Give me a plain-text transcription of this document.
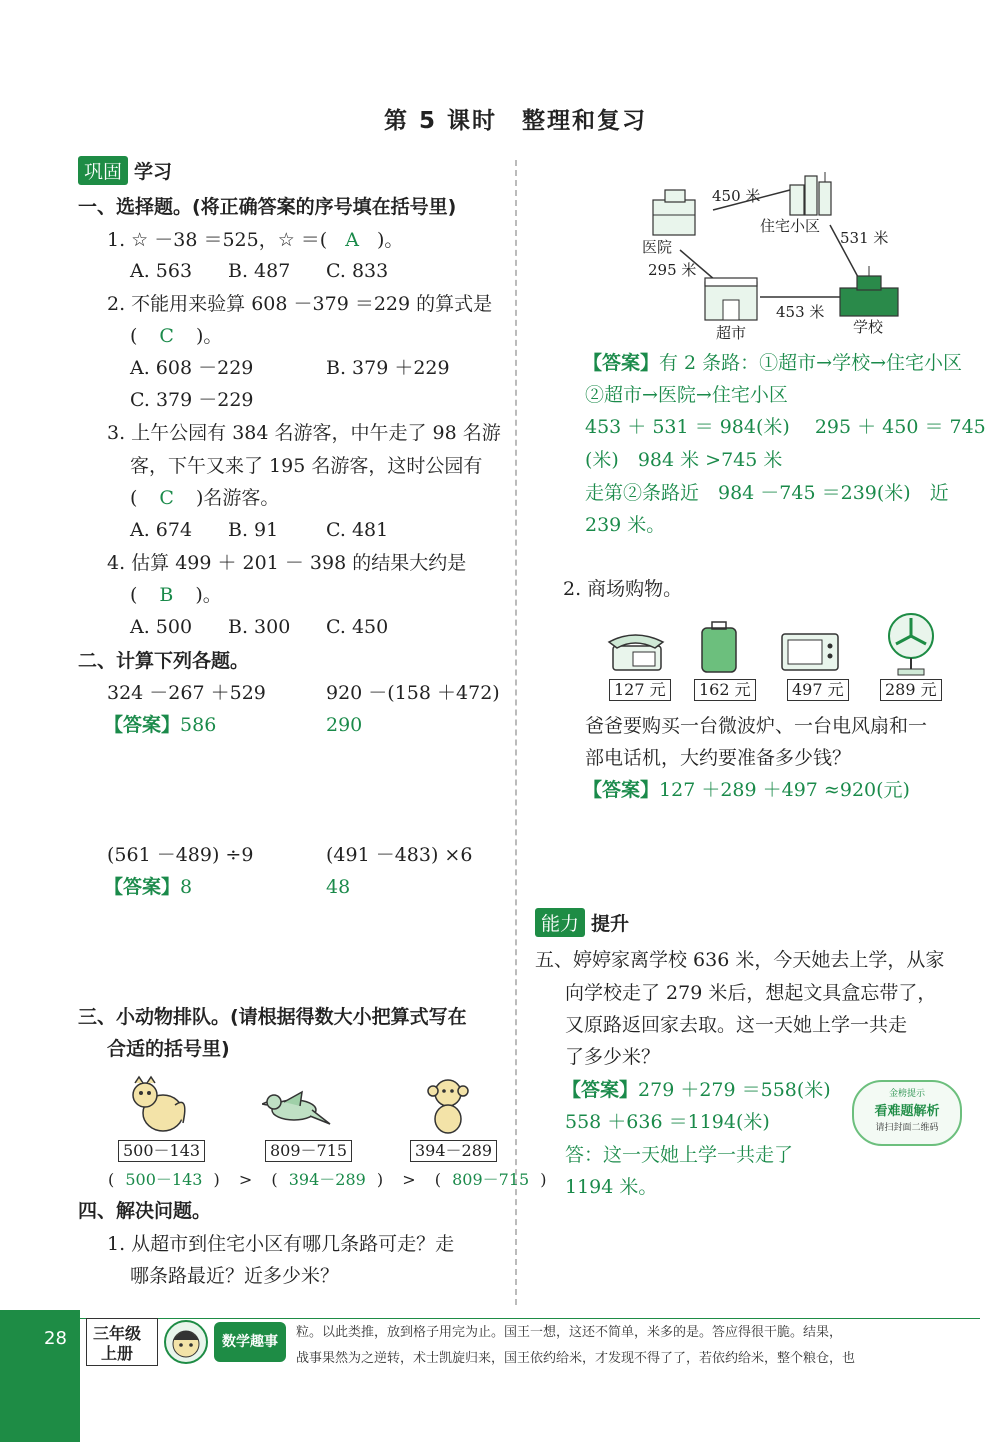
第 5 课时　整理和复习
巩固 学习
一、选择题。(将正确答案的序号填在括号里)
1. ☆ －38 ＝525，☆ ＝( A )。
A. 563 B. 487 C. 833
2. 不能用来验算 608 －379 ＝229 的算式是
( C )。
A. 608 －229	B. 379 ＋229
C. 379 －229
3. 上午公园有 384 名游客，中午走了 98 名游
客，下午又来了 195 名游客，这时公园有
( C )名游客。
A. 674 B. 91	C. 481
4. 估算 499 ＋ 201 － 398 的结果大约是
( B )。
A. 500 B. 300 C. 450
二、计算下列各题。
324 －267 ＋529	920 －(158 ＋472)
【答案】586	290
(561 －489) ÷9	(491 －483) ×6
【答案】8	48
三、小动物排队。(请根据得数大小把算式写在
合适的括号里)
500－143	809－715	394－289
( 500－143 ) > ( 394－289 ) > ( 809－715 )
四、解决问题。
1. 从超市到住宅小区有哪几条路可走？走
哪条路最近？近多少米？
450 米
531 米
295 米
453 米
医院
住宅小区
超市	学校
【答案】有 2 条路：①超市→学校→住宅小区
②超市→医院→住宅小区
453 ＋ 531 ＝ 984(米)　 295 ＋ 450 ＝ 745
(米)　984 米 >745 米
走第②条路近　984 －745 ＝239(米)　近
239 米。
2. 商场购物。
127 元	162 元	497 元	289 元
爸爸要购买一台微波炉、一台电风扇和一
部电话机，大约要准备多少钱？
【答案】127 ＋289 ＋497 ≈920(元)
能力 提升
五、婷婷家离学校 636 米，今天她去上学，从家
向学校走了 279 米后，想起文具盒忘带了，
又原路返回家去取。这一天她上学一共走
了多少米？
【答案】279 ＋279 ＝558(米)
558 ＋636 ＝1194(米)
答：这一天她上学一共走了
1194 米。
金榜提示
看难题解析
请扫封面二维码
28 三年级
上册
数学趣事
粒。以此类推，放到格子用完为止。国王一想，这还不简单，米多的是。答应得很干脆。结果，
战事果然为之逆转，术士凯旋归来，国王依约给米，才发现不得了了，若依约给米，整个粮仓，也
